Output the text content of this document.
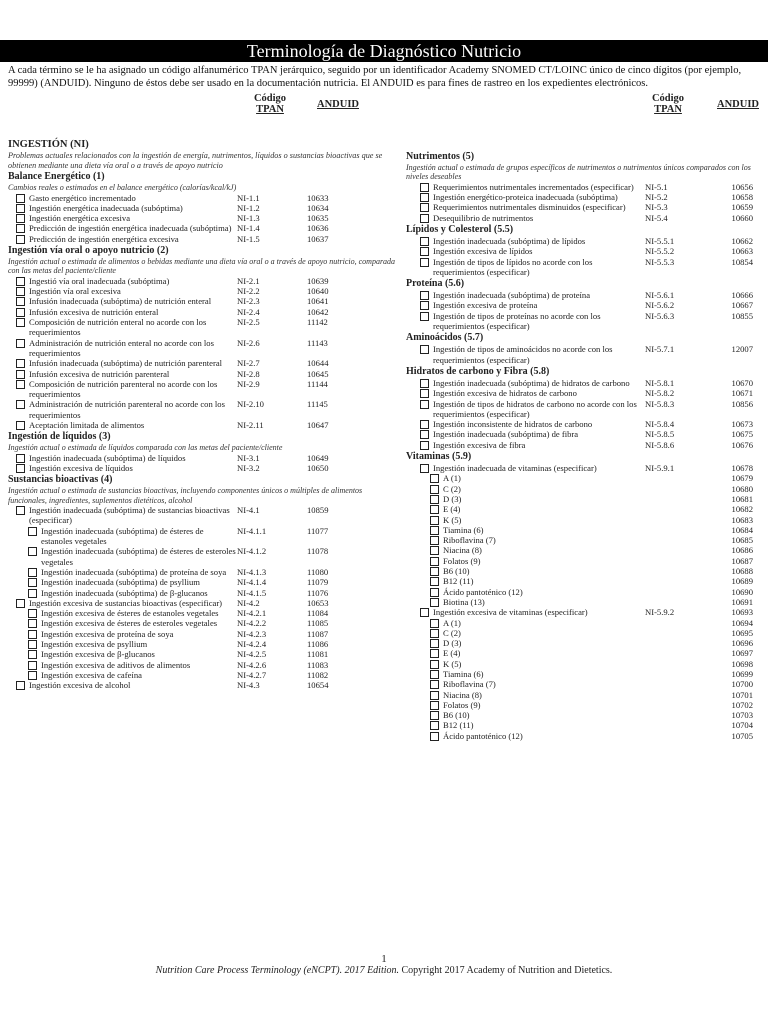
Terminología de Diagnóstico Nutricio
A cada término se le ha asignado un código alfanumérico TPAN jerárquico, seguido por un identificador Academy SNOMED CT/LOINC único de cinco dígitos (por ejemplo, 99999) (ANDUID). Ninguno de éstos debe ser usado en la documentación nutricia. El ANDUID es para fines de rastreo en los expedientes electrónicos.
Código
TPAN	ANDUID
Código
TPAN	ANDUID
INGESTIÓN (NI)
Problemas actuales relacionados con la ingestión de energía, nutrimentos, líquidos o sustancias bioactivas que se obtienen mediante una dieta vía oral o a través de apoyo nutricio
Balance Energético (1)
Cambios reales o estimados en el balance energético (calorías/kcal/kJ)
Gasto energético incrementado	NI-1.1	10633
Ingestión energética inadecuada (subóptima)	NI-1.2	10634
Ingestión energética excesiva	NI-1.3	10635
Predicción de ingestión energética inadecuada (subóptima) NI-1.4	10636
Predicción de ingestión energética excesiva	NI-1.5	10637
Ingestión vía oral o apoyo nutricio (2)
Ingestión actual o estimada de alimentos o bebidas mediante una dieta vía oral o a través de apoyo nutricio, comparada con las metas del paciente/cliente
Ingestió vía oral inadecuada (subóptima)	NI-2.1	10639
Ingestión vía oral excesiva	NI-2.2	10640
Infusión inadecuada (subóptima) de nutrición enteral	NI-2.3	10641
Infusión excesiva de nutrición enteral	NI-2.4	10642
Composición de nutrición enteral no acorde con los requerimientos
NI-2.5	11142
Administración de nutrición enteral no acorde con los requerimientos
NI-2.6	11143
Infusión inadecuada (subóptima) de nutrición parenteral	NI-2.7	10644
Infusión excesiva de nutrición parenteral	NI-2.8	10645
Composición de nutrición parenteral no acorde con los requerimientos
NI-2.9	11144
Administración de nutrición parenteral no acorde con los requerimientos
NI-2.10	11145
Aceptación limitada de alimentos	NI-2.11	10647
Ingestión de líquidos (3)
Ingestión actual o estimada de líquidos comparada con las metas del paciente/cliente
Ingestión inadecuada (subóptima) de líquidos	NI-3.1	10649
Ingestión excesiva de líquidos	NI-3.2	10650
Sustancias bioactivas (4)
Ingestión actual o estimada de sustancias bioactivas, incluyendo componentes únicos o múltiples de alimentos funcionales, ingredientes, suplementos dietéticos, alcohol
Ingestión inadecuada (subóptima) de sustancias bioactivas (especificar)
NI-4.1	10859
Ingestión inadecuada (subóptima) de ésteres de estanoles vegetales
NI-4.1.1	11077
Ingestión inadecuada (subóptima) de ésteres de esteroles vegetales
NI-4.1.2	11078
Ingestión inadecuada (subóptima) de proteína de soya	NI-4.1.3	11080
Ingestión inadecuada (subóptima) de psyllium	NI-4.1.4	11079
Ingestión inadecuada (subóptima) de β-glucanos	NI-4.1.5	11076
Ingestión excesiva de sustancias bioactivas (especificar)	NI-4.2	10653
Ingestión excesiva de ésteres de estanoles vegetales	NI-4.2.1	11084
Ingestión excesiva de ésteres de esteroles vegetales	NI-4.2.2	11085
Ingestión excesiva de proteína de soya	NI-4.2.3	11087
Ingestión excesiva de psyllium	NI-4.2.4	11086
Ingestión excesiva de β-glucanos	NI-4.2.5	11081
Ingestión excesiva de aditivos de alimentos	NI-4.2.6	11083
Ingestión excesiva de cafeína	NI-4.2.7	11082
Ingestión excesiva de alcohol	NI-4.3	10654
Nutrimentos (5)
Ingestión actual o estimada de grupos específicos de nutrimentos o nutrimentos únicos comparados con los niveles deseables
Requerimientos nutrimentales incrementados (especificar)	NI-5.1	10656
Ingestión energético-proteica inadecuada (subóptima)	NI-5.2	10658
Requerimientos nutrimentales disminuidos (especificar)	NI-5.3	10659
Desequilibrio de nutrimentos	NI-5.4	10660
Lípidos y Colesterol (5.5)
Ingestión inadecuada (subóptima) de lípidos	NI-5.5.1	10662
Ingestión excesiva de lípidos	NI-5.5.2	10663
Ingestión de tipos de lípidos no acorde con los requerimientos (especificar)
NI-5.5.3	10854
Proteína (5.6)
Ingestión inadecuada (subóptima) de proteína	NI-5.6.1	10666
Ingestión excesiva de proteína	NI-5.6.2	10667
Ingestión de tipos de proteínas no acorde con los requerimientos (especificar)
NI-5.6.3	10855
Aminoácidos (5.7)
Ingestión de tipos de aminoácidos no acorde con los requerimientos (especificar)
NI-5.7.1	12007
Hidratos de carbono y Fibra (5.8)
Ingestión inadecuada (subóptima) de hidratos de carbono	NI-5.8.1	10670
Ingestión excesiva de hidratos de carbono	NI-5.8.2	10671
Ingestión de tipos de hidratos de carbono no acorde con los requerimientos (especificar)
NI-5.8.3	10856
Ingestión inconsistente de hidratos de carbono	NI-5.8.4	10673
Ingestión inadecuada (subóptima) de fibra	NI-5.8.5	10675
Ingestión excesiva de fibra	NI-5.8.6	10676
Vitaminas (5.9)
Ingestión inadecuada de vitaminas (especificar)	NI-5.9.1	10678
A (1)	10679
C (2)	10680
D (3)	10681
E (4)	10682
K (5)	10683
Tiamina (6)	10684
Riboflavina (7)	10685
Niacina (8)	10686
Folatos (9)	10687
B6 (10)	10688
B12 (11)	10689
Ácido pantoténico (12)	10690
Biotina (13)	10691
Ingestión excesiva de vitaminas (especificar)	NI-5.9.2	10693
A (1)	10694
C (2)	10695
D (3)	10696
E (4)	10697
K (5)	10698
Tiamina (6)	10699
Riboflavina (7)	10700
Niacina (8)	10701
Folatos (9)	10702
B6 (10)	10703
B12 (11)	10704
Ácido pantoténico (12)	10705
1
Nutrition Care Process Terminology (eNCPT). 2017 Edition. Copyright 2017 Academy of Nutrition and Dietetics.
